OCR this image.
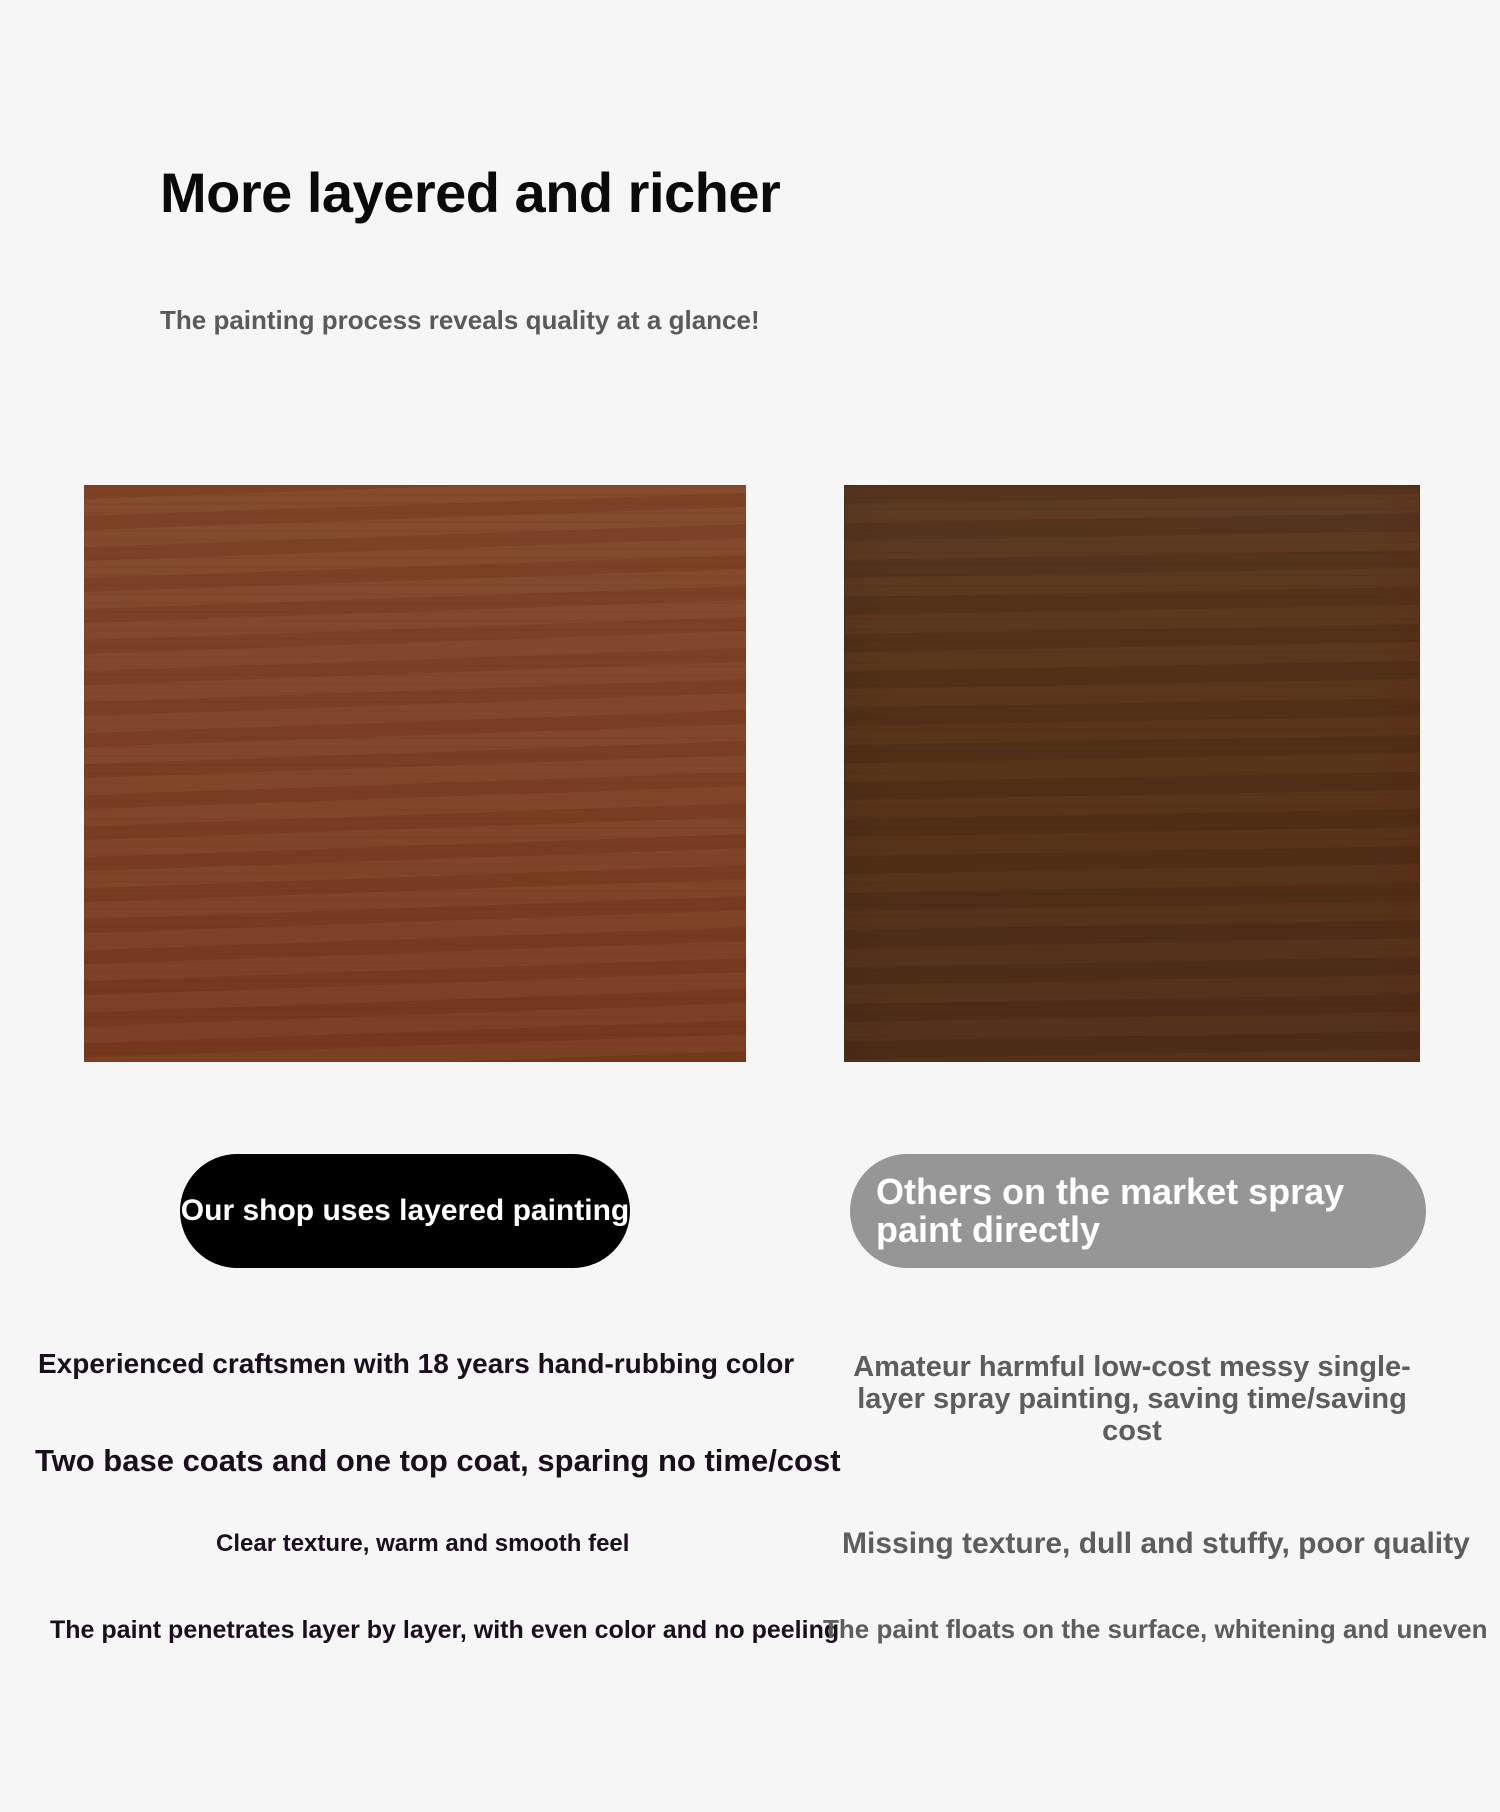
More layered and richer
The painting process reveals quality at a glance!
Our shop uses layered painting	Others on the market spray paint directly
Experienced craftsmen with 18 years hand-rubbing color
Two base coats and one top coat, sparing no time/cost
Clear texture, warm and smooth feel
The paint penetrates layer by layer, with even color and no peeling
Amateur harmful low-cost messy single-layer spray painting, saving time/saving cost
Missing texture, dull and stuffy, poor quality
The paint floats on the surface, whitening and uneven
